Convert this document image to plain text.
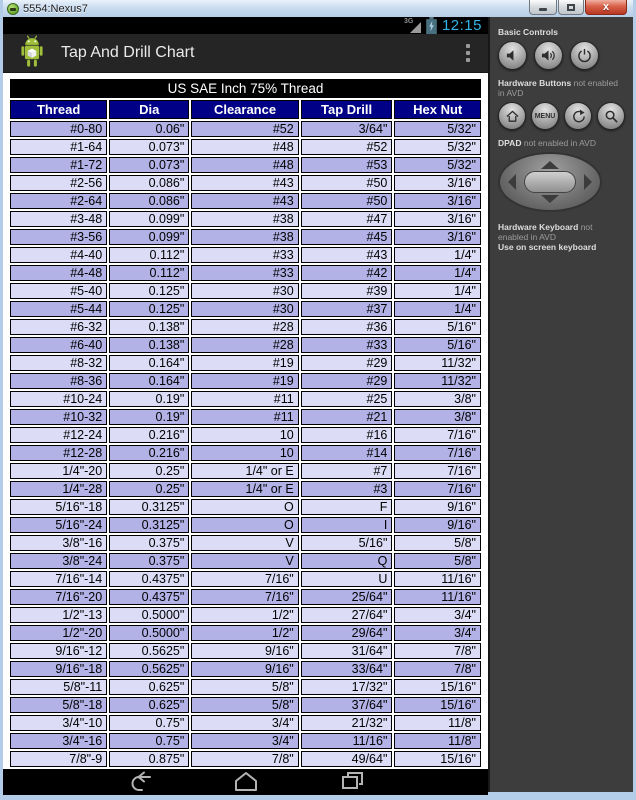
5554:Nexus7	x
3G 12:15
Tap And Drill Chart
US SAE Inch 75% Thread				
Thread	Dia	Clearance	Tap Drill	Hex Nut
#0-80	0.06"	#52	3/64"	5/32"
#1-64	0.073"	#48	#52	5/32"
#1-72	0.073"	#48	#53	5/32"
#2-56	0.086"	#43	#50	3/16"
#2-64	0.086"	#43	#50	3/16"
#3-48	0.099"	#38	#47	3/16"
#3-56	0.099"	#38	#45	3/16"
#4-40	0.112"	#33	#43	1/4"
#4-48	0.112"	#33	#42	1/4"
#5-40	0.125"	#30	#39	1/4"
#5-44	0.125"	#30	#37	1/4"
#6-32	0.138"	#28	#36	5/16"
#6-40	0.138"	#28	#33	5/16"
#8-32	0.164"	#19	#29	11/32"
#8-36	0.164"	#19	#29	11/32"
#10-24	0.19"	#11	#25	3/8"
#10-32	0.19"	#11	#21	3/8"
#12-24	0.216"	10	#16	7/16"
#12-28	0.216"	10	#14	7/16"
1/4"-20	0.25"	1/4" or E	#7	7/16"
1/4"-28	0.25"	1/4" or E	#3	7/16"
5/16"-18	0.3125"	O	F	9/16"
5/16"-24	0.3125"	O	I	9/16"
3/8"-16	0.375"	V	5/16"	5/8"
3/8"-24	0.375"	V	Q	5/8"
7/16"-14	0.4375"	7/16"	U	11/16"
7/16"-20	0.4375"	7/16"	25/64"	11/16"
1/2"-13	0.5000"	1/2"	27/64"	3/4"
1/2"-20	0.5000"	1/2"	29/64"	3/4"
9/16"-12	0.5625"	9/16"	31/64"	7/8"
9/16"-18	0.5625"	9/16"	33/64"	7/8"
5/8"-11	0.625"	5/8"	17/32"	15/16"
5/8"-18	0.625"	5/8"	37/64"	15/16"
3/4"-10	0.75"	3/4"	21/32"	11/8"
3/4"-16	0.75"	3/4"	11/16"	11/8"
7/8"-9	0.875"	7/8"	49/64"	15/16"
Basic Controls
Hardware Buttons not enabled in AVD
MENU
DPAD not enabled in AVD
Hardware Keyboard not enabled in AVD
Use on screen keyboard
